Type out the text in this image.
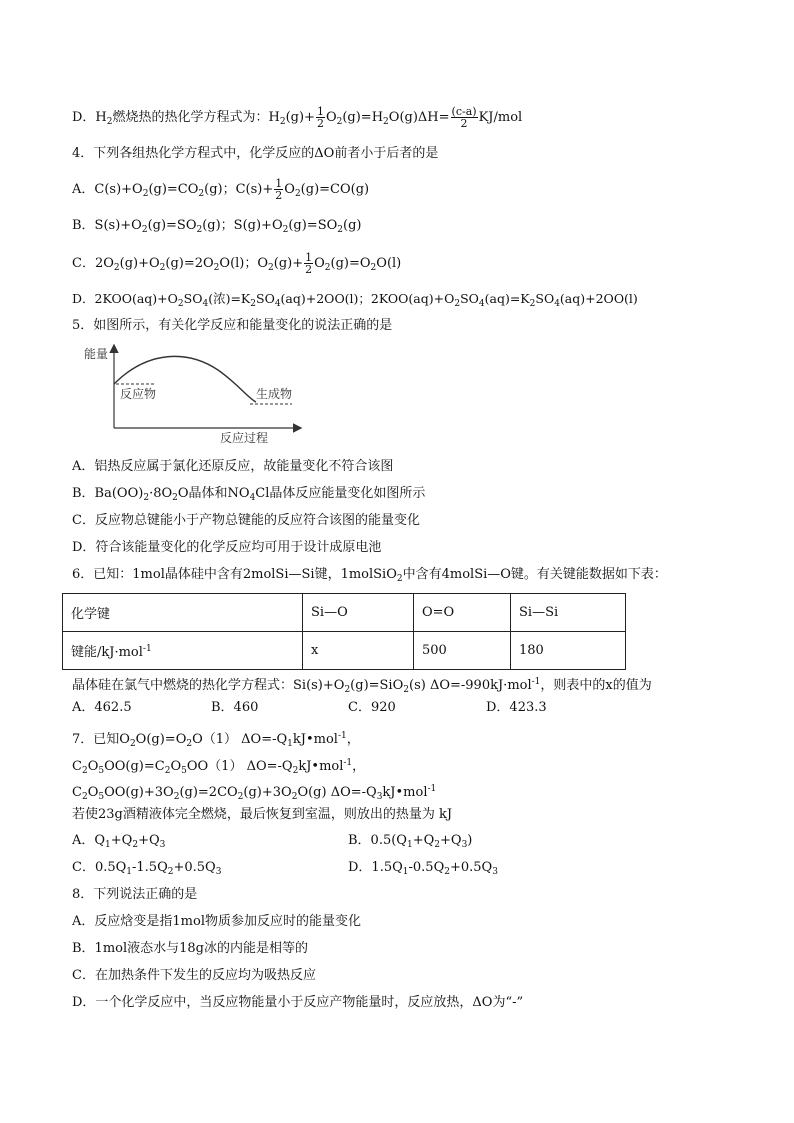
D．$H_2$燃烧热的热化学方程式为：$H_2(g)+ \frac{1}{2} O_2(g)=H_2O(g)\Delta H= \frac{(c-a)}{2} KJ/mol$
4．下列各组热化学方程式中，化学反应的ΔO前者小于后者的是
A．$C(s)+O_2(g)=CO_2(g)$；$C(s)+ \frac{1}{2} O_2(g)=CO(g)$
B．$S(s)+O_2(g)=SO_2(g)$；$S(g)+O_2(g)=SO_2(g)$
C．$2O_2(g)+O_2(g)=2O_2O(l)$；$O_2(g)+ \frac{1}{2} O_2(g)=O_2O(l)$
D．$2KOO(aq)+O_2SO_4$(浓)$=K_2SO_4(aq)+2OO(l)$；$2KOO(aq)+O_2SO_4(aq)=K_2SO_4(aq)+2OO(l)$
5．如图所示，有关化学反应和能量变化的说法正确的是
能量
反应物	生成物
反应过程
A．铝热反应属于氯化还原反应，故能量变化不符合该图
B．$Ba(OO)_2\cdot 8O_2O$晶体和$NO_4Cl$晶体反应能量变化如图所示
C．反应物总键能小于产物总键能的反应符合该图的能量变化
D．符合该能量变化的化学反应均可用于设计成原电池
6．已知：1mol晶体硅中含有2molSi—Si键，1molSiO$_2$中含有4molSi—O键。有关键能数据如下表：
化学键	Si—O	O=O	Si—Si
键能/kJ·mol$^{-1}$	x	500	180
晶体硅在氯气中燃烧的热化学方程式：$Si(s)+O_2(g)=SiO_2(s)$ ΔO=-990kJ·mol$^{-1}$，则表中的x的值为
A．462.5	B．460	C．920	D．423.3
7．已知$O_2O(g)=O_2O(1)$ $\Delta O=-Q_1kJ•mol^{-1}$，
$C_2O_5OO(g)=C_2O_5OO(1)$ $\Delta O=-Q_2kJ•mol^{-1}$，
$C_2O_5OO(g)+3O_2(g)=2CO_2(g)+3O_2O(g)$ $\Delta O=-Q_3kJ•mol^{-1}$
若使23g酒精液体完全燃烧，最后恢复到室温，则放出的热量为 kJ
A．$Q_1+Q_2+Q_3$	B．$0.5(Q_1+Q_2+Q_3)$
C．$0.5Q_1-1.5Q_2+0.5Q_3$	D．$1.5Q_1-0.5Q_2+0.5Q_3$
8．下列说法正确的是
A．反应焓变是指1mol物质参加反应时的能量变化
B．1mol液态水与18g冰的内能是相等的
C．在加热条件下发生的反应均为吸热反应
D．一个化学反应中，当反应物能量小于反应产物能量时，反应放热，ΔO为“-”
